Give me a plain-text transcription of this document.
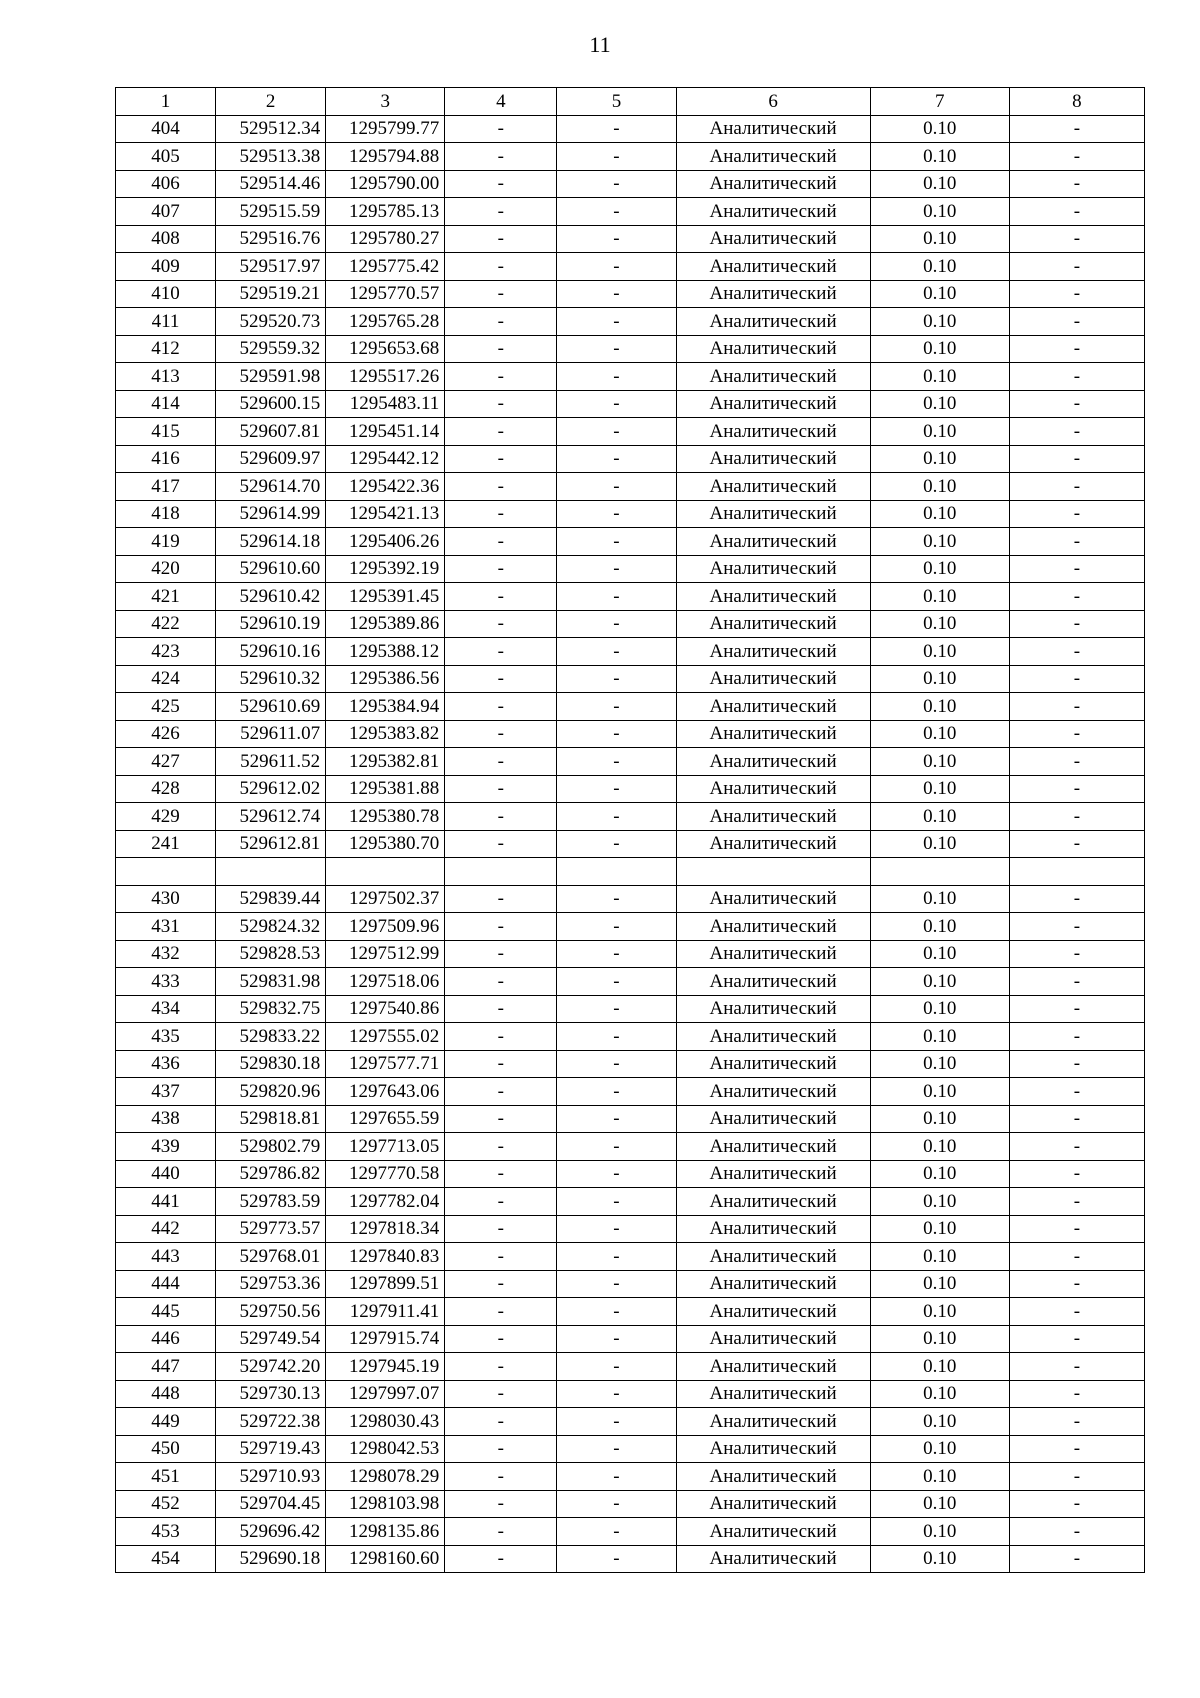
11
1	2	3	4	5	6	7	8
404	529512.34	1295799.77	-	-	Аналитический	0.10	-
405	529513.38	1295794.88	-	-	Аналитический	0.10	-
406	529514.46	1295790.00	-	-	Аналитический	0.10	-
407	529515.59	1295785.13	-	-	Аналитический	0.10	-
408	529516.76	1295780.27	-	-	Аналитический	0.10	-
409	529517.97	1295775.42	-	-	Аналитический	0.10	-
410	529519.21	1295770.57	-	-	Аналитический	0.10	-
411	529520.73	1295765.28	-	-	Аналитический	0.10	-
412	529559.32	1295653.68	-	-	Аналитический	0.10	-
413	529591.98	1295517.26	-	-	Аналитический	0.10	-
414	529600.15	1295483.11	-	-	Аналитический	0.10	-
415	529607.81	1295451.14	-	-	Аналитический	0.10	-
416	529609.97	1295442.12	-	-	Аналитический	0.10	-
417	529614.70	1295422.36	-	-	Аналитический	0.10	-
418	529614.99	1295421.13	-	-	Аналитический	0.10	-
419	529614.18	1295406.26	-	-	Аналитический	0.10	-
420	529610.60	1295392.19	-	-	Аналитический	0.10	-
421	529610.42	1295391.45	-	-	Аналитический	0.10	-
422	529610.19	1295389.86	-	-	Аналитический	0.10	-
423	529610.16	1295388.12	-	-	Аналитический	0.10	-
424	529610.32	1295386.56	-	-	Аналитический	0.10	-
425	529610.69	1295384.94	-	-	Аналитический	0.10	-
426	529611.07	1295383.82	-	-	Аналитический	0.10	-
427	529611.52	1295382.81	-	-	Аналитический	0.10	-
428	529612.02	1295381.88	-	-	Аналитический	0.10	-
429	529612.74	1295380.78	-	-	Аналитический	0.10	-
241	529612.81	1295380.70	-	-	Аналитический	0.10	-

430	529839.44	1297502.37	-	-	Аналитический	0.10	-
431	529824.32	1297509.96	-	-	Аналитический	0.10	-
432	529828.53	1297512.99	-	-	Аналитический	0.10	-
433	529831.98	1297518.06	-	-	Аналитический	0.10	-
434	529832.75	1297540.86	-	-	Аналитический	0.10	-
435	529833.22	1297555.02	-	-	Аналитический	0.10	-
436	529830.18	1297577.71	-	-	Аналитический	0.10	-
437	529820.96	1297643.06	-	-	Аналитический	0.10	-
438	529818.81	1297655.59	-	-	Аналитический	0.10	-
439	529802.79	1297713.05	-	-	Аналитический	0.10	-
440	529786.82	1297770.58	-	-	Аналитический	0.10	-
441	529783.59	1297782.04	-	-	Аналитический	0.10	-
442	529773.57	1297818.34	-	-	Аналитический	0.10	-
443	529768.01	1297840.83	-	-	Аналитический	0.10	-
444	529753.36	1297899.51	-	-	Аналитический	0.10	-
445	529750.56	1297911.41	-	-	Аналитический	0.10	-
446	529749.54	1297915.74	-	-	Аналитический	0.10	-
447	529742.20	1297945.19	-	-	Аналитический	0.10	-
448	529730.13	1297997.07	-	-	Аналитический	0.10	-
449	529722.38	1298030.43	-	-	Аналитический	0.10	-
450	529719.43	1298042.53	-	-	Аналитический	0.10	-
451	529710.93	1298078.29	-	-	Аналитический	0.10	-
452	529704.45	1298103.98	-	-	Аналитический	0.10	-
453	529696.42	1298135.86	-	-	Аналитический	0.10	-
454	529690.18	1298160.60	-	-	Аналитический	0.10	-
